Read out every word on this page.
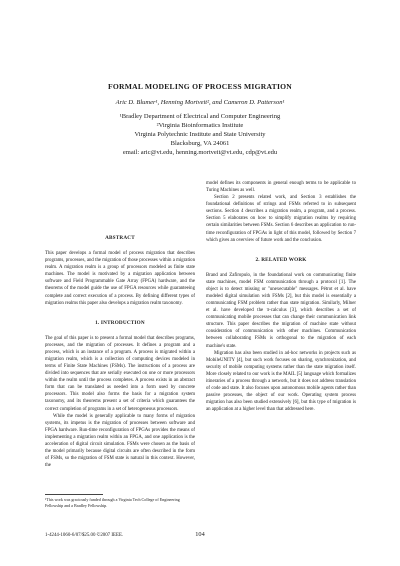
FORMAL MODELING OF PROCESS MIGRATION
Aric D. Blumer¹, Henning Mortveit², and Cameron D. Patterson¹
¹Bradley Department of Electrical and Computer Engineering
²Virginia Bioinformatics Institute
Virginia Polytechnic Institute and State University
Blacksburg, VA 24061
email: aric@vt.edu, henning.mortveit@vt.edu, cdp@vt.edu
ABSTRACT

This paper develops a formal model of process migration that describes programs, processes, and the migration of those processes within a migration realm. A migration realm is a group of processors modeled as finite state machines. The model is motivated by a migration application between software and Field Programmable Gate Array (FPGA) hardware, and the theorems of the model guide the use of FPGA resources while guaranteeing complete and correct execution of a process. By defining different types of migration realms this paper also develops a migration realm taxonomy.

1. INTRODUCTION

The goal of this paper is to present a formal model that describes programs, processes, and the migration of processes. It defines a program and a process, which is an instance of a program. A process is migrated within a migration realm, which is a collection of computing devices modeled in terms of Finite State Machines (FSMs). The instructions of a process are divided into sequences that are serially executed on one or more processors within the realm until the process completes. A process exists in an abstract form that can be translated as needed into a form used by concrete processors. This model also forms the basis for a migration system taxonomy, and its theorems present a set of criteria which guarantees the correct completion of programs in a set of heterogeneous processors.

While the model is generally applicable to many forms of migration systems, its impetus is the migration of processes between software and FPGA hardware. Run-time reconfiguration of FPGAs provides the means of implementing a migration realm within an FPGA, and one application is the acceleration of digital circuit simulation. FSMs were chosen as the basis of the model primarily because digital circuits are often described in the form of FSMs, so the migration of FSM state is natural in this context. However, the

¹This work was graciously funded through a Virginia Tech College of Engineering Fellowship and a Bradley Fellowship.

model defines its components in general enough terms to be applicable to Turing Machines as well.

Section 2 presents related work, and Section 3 establishes the foundational definitions of strings and FSMs referred to in subsequent sections. Section 4 describes a migration realm, a program, and a process. Section 5 elaborates on how to simplify migration realms by requiring certain similarities between FSMs. Section 6 describes an application to run-time reconfiguration of FPGAs in light of this model, followed by Section 7 which gives an overview of future work and the conclusion.

2. RELATED WORK

Brand and Zafiropulo, in the foundational work on communicating finite state machines, model FSM communication through a protocol [1]. The object is to detect missing or "unexecutable" messages. Pétrot et al. have modeled digital simulation with FSMs [2], but this model is essentially a communicating FSM problem rather than state migration. Similarly, Milner et al. have developed the π-calculus [3], which describes a set of communicating mobile processes that can change their communication link structure. This paper describes the migration of machine state without consideration of communication with other machines. Communication between collaborating FSMs is orthogonal to the migration of each machine's state.

Migration has also been studied in ad-hoc networks in projects such as MobileUNITY [4], but such work focuses on sharing, synchronization, and security of mobile computing systems rather than the state migration itself. More closely related to our work is the MAIL [5] language which formalizes itineraries of a process through a network, but it does not address translation of code and state. It also focuses upon autonomous mobile agents rather than passive processes, the object of our work. Operating system process migration has also been studied extensively [6], but this type of migration is an application at a higher level than that addressed here.

1-4244-1060-6/07/$25.00 ©2007 IEEE.	104
